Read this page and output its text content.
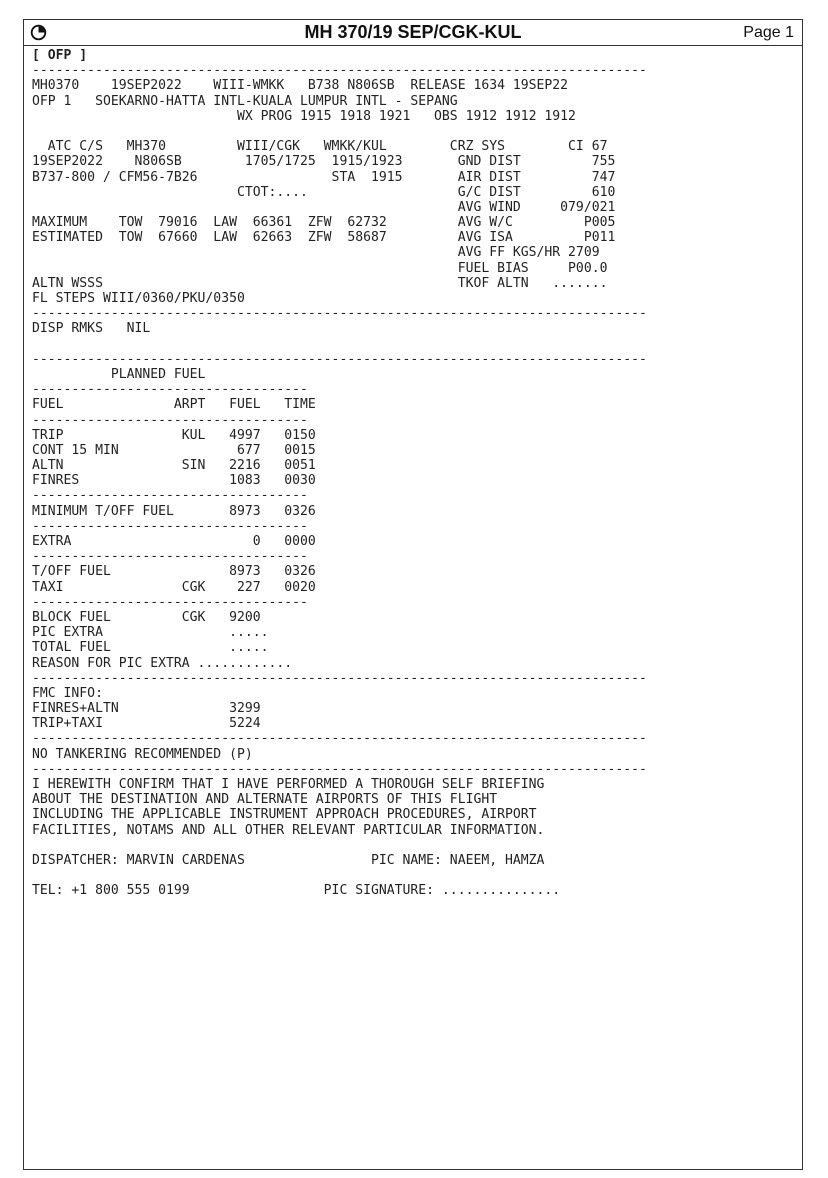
MH 370/19 SEP/CGK-KUL	Page 1
[ OFP ]
------------------------------------------------------------------------------
MH0370    19SEP2022    WIII-WMKK   B738 N806SB  RELEASE 1634 19SEP22
OFP 1   SOEKARNO-HATTA INTL-KUALA LUMPUR INTL - SEPANG
WX PROG 1915 1918 1921   OBS 1912 1912 1912
ATC C/S   MH370         WIII/CGK   WMKK/KUL        CRZ SYS        CI 67
19SEP2022    N806SB        1705/1725  1915/1923       GND DIST         755
B737-800 / CFM56-7B26                 STA  1915       AIR DIST         747
CTOT:....                   G/C DIST         610
AVG WIND     079/021
MAXIMUM    TOW  79016  LAW  66361  ZFW  62732         AVG W/C         P005
ESTIMATED  TOW  67660  LAW  62663  ZFW  58687         AVG ISA         P011
AVG FF KGS/HR 2709
FUEL BIAS     P00.0
ALTN WSSS                                             TKOF ALTN   .......
FL STEPS WIII/0360/PKU/0350
------------------------------------------------------------------------------
DISP RMKS   NIL
------------------------------------------------------------------------------
PLANNED FUEL
-----------------------------------
FUEL              ARPT   FUEL   TIME
-----------------------------------
TRIP               KUL   4997   0150
CONT 15 MIN               677   0015
ALTN               SIN   2216   0051
FINRES                   1083   0030
-----------------------------------
MINIMUM T/OFF FUEL       8973   0326
-----------------------------------
EXTRA                       0   0000
-----------------------------------
T/OFF FUEL               8973   0326
TAXI               CGK    227   0020
-----------------------------------
BLOCK FUEL         CGK   9200
PIC EXTRA                .....
TOTAL FUEL               .....
REASON FOR PIC EXTRA ............
------------------------------------------------------------------------------
FMC INFO:
FINRES+ALTN              3299
TRIP+TAXI                5224
------------------------------------------------------------------------------
NO TANKERING RECOMMENDED (P)
------------------------------------------------------------------------------
I HEREWITH CONFIRM THAT I HAVE PERFORMED A THOROUGH SELF BRIEFING
ABOUT THE DESTINATION AND ALTERNATE AIRPORTS OF THIS FLIGHT
INCLUDING THE APPLICABLE INSTRUMENT APPROACH PROCEDURES, AIRPORT
FACILITIES, NOTAMS AND ALL OTHER RELEVANT PARTICULAR INFORMATION.
DISPATCHER: MARVIN CARDENAS                PIC NAME: NAEEM, HAMZA
TEL: +1 800 555 0199                 PIC SIGNATURE: ...............
